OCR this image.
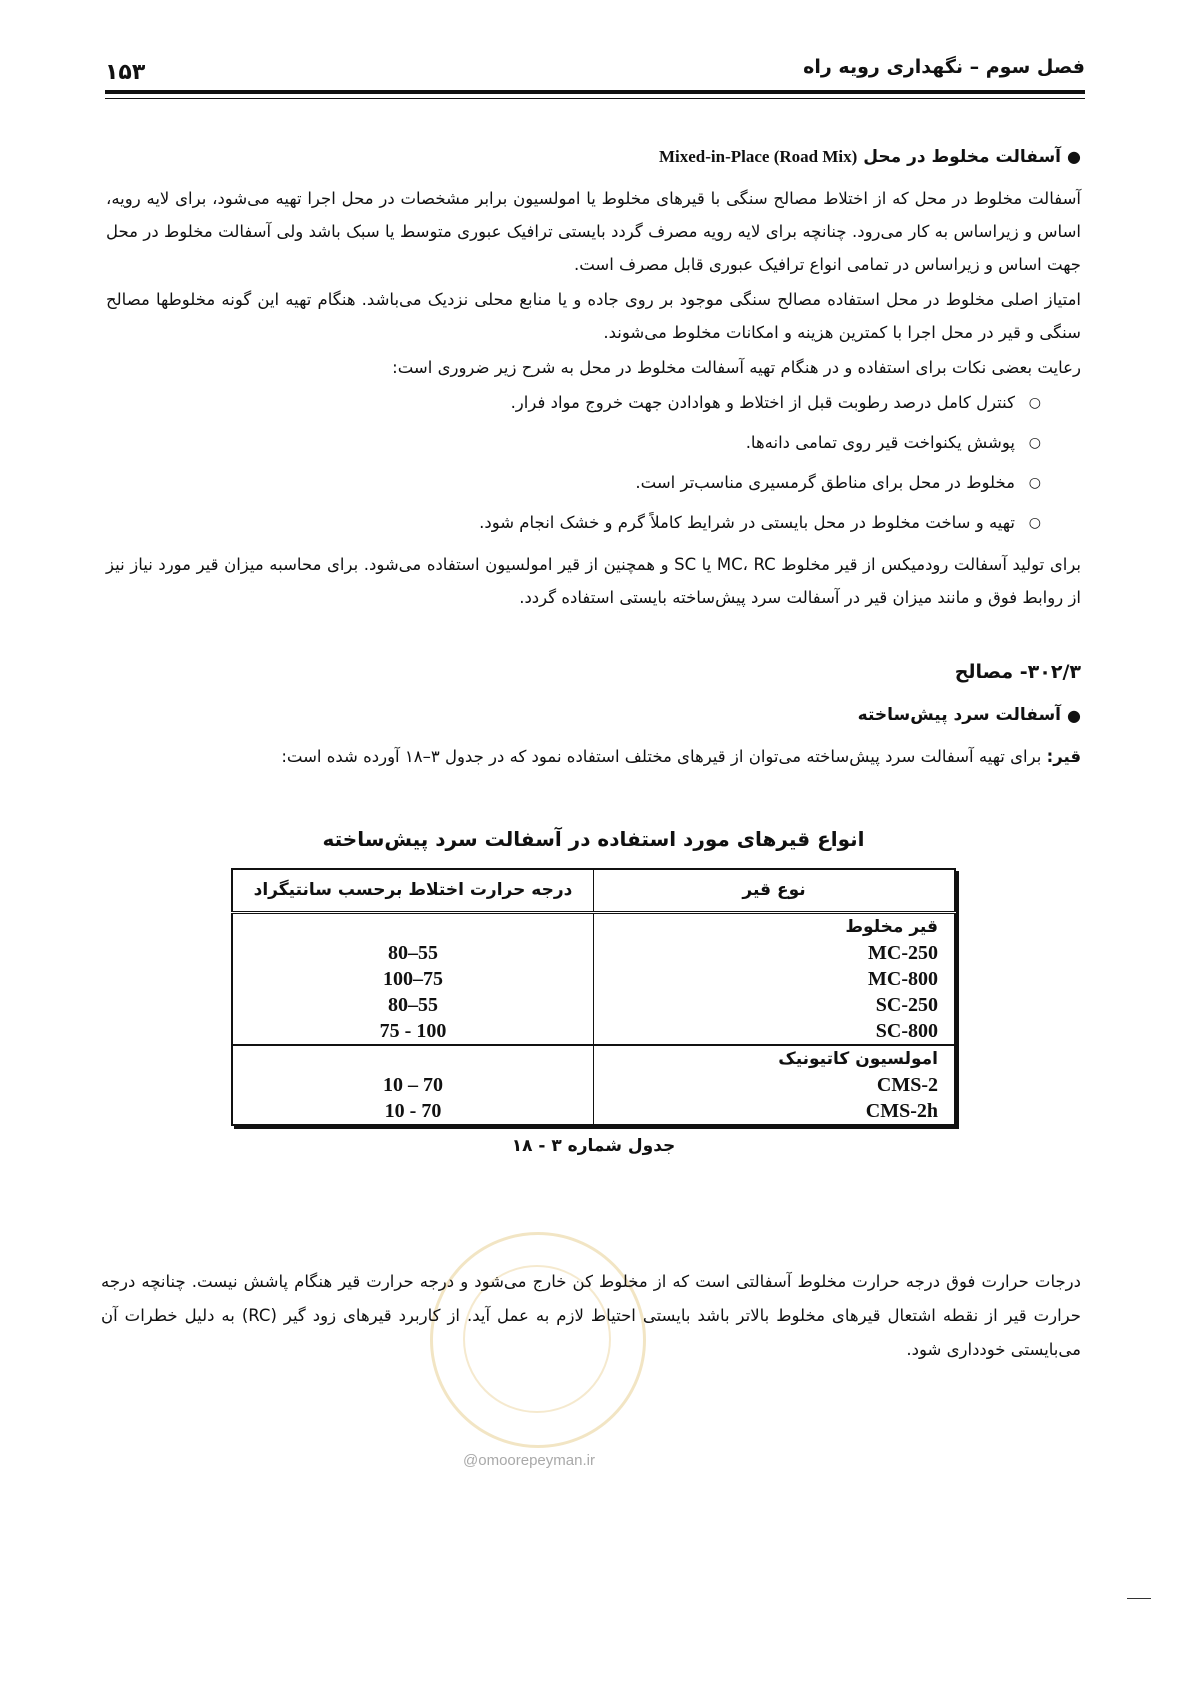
فصل سوم – نگهداری رویه راه
۱۵۳
●
آسفالت مخلوط در محل Mixed-in-Place (Road Mix)

آسفالت مخلوط در محل که از اختلاط مصالح سنگی با قیرهای مخلوط یا امولسیون برابر مشخصات در محل اجرا تهیه می‌شود، برای لایه رویه، اساس و زیراساس به کار می‌رود. چنانچه برای لایه رویه مصرف گردد بایستی ترافیک عبوری متوسط یا سبک باشد ولی آسفالت مخلوط در محل جهت اساس و زیراساس در تمامی انواع ترافیک عبوری قابل مصرف است.

امتیاز اصلی مخلوط در محل استفاده مصالح سنگی موجود بر روی جاده و یا منابع محلی نزدیک می‌باشد. هنگام تهیه این گونه مخلوطها مصالح سنگی و قیر در محل اجرا با کمترین هزینه و امکانات مخلوط می‌شوند.

رعایت بعضی نکات برای استفاده و در هنگام تهیه آسفالت مخلوط در محل به شرح زیر ضروری است:

○
کنترل کامل درصد رطوبت قبل از اختلاط و هوادادن جهت خروج مواد فرار.
○
پوشش یکنواخت قیر روی تمامی دانه‌ها.
○
مخلوط در محل برای مناطق گرمسیری مناسب‌تر است.
○
تهیه و ساخت مخلوط در محل بایستی در شرایط کاملاً گرم و خشک انجام شود.

برای تولید آسفالت رودمیکس از قیر مخلوط MC، RC یا SC و همچنین از قیر امولسیون استفاده می‌شود. برای محاسبه میزان قیر مورد نیاز نیز از روابط فوق و مانند میزان قیر در آسفالت سرد پیش‌ساخته بایستی استفاده گردد.

۳۰۲/۳- مصالح
●
آسفالت سرد پیش‌ساخته

قیر: برای تهیه آسفالت سرد پیش‌ساخته می‌توان از قیرهای مختلف استفاده نمود که در جدول ۳–۱۸ آورده شده است:

انواع قیرهای مورد استفاده در آسفالت سرد پیش‌ساخته
نوع قیر	درجه حرارت اختلاط برحسب سانتیگراد
قیر مخلوط	
MC-250	80–55
MC-800	100–75
SC-250	80–55
SC-800	75 - 100
امولسیون کاتیونیک	
CMS-2	10 – 70
CMS-2h	10 - 70
جدول شماره ۳ - ۱۸
@omoorepeyman.ir

درجات حرارت فوق درجه حرارت مخلوط آسفالتی است که از مخلوط کن خارج می‌شود و درجه حرارت قیر هنگام پاشش نیست. چنانچه درجه حرارت قیر از نقطه اشتعال قیرهای مخلوط بالاتر باشد بایستی احتیاط لازم به عمل آید. از کاربرد قیرهای زود گیر (RC) به دلیل خطرات آن می‌بایستی خودداری شود.
